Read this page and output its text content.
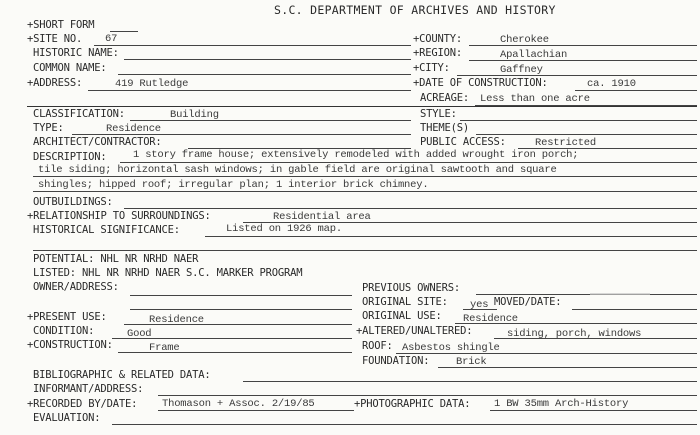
S.C. DEPARTMENT OF ARCHIVES AND HISTORY
+SHORT FORM
+SITE NO. 67
HISTORIC NAME:
COMMON NAME:
+ADDRESS:	419 Rutledge
+COUNTY:	Cherokee
+REGION:	Apallachian
+CITY:	Gaffney
+DATE OF CONSTRUCTION:	ca. 1910
ACREAGE: Less than one acre
CLASSIFICATION:	Building
TYPE:	Residence
ARCHITECT/CONTRACTOR:
STYLE:
THEME(S)
PUBLIC ACCESS:	Restricted
DESCRIPTION:	1 story frame house; extensively remodeled with added wrought iron porch;
tile siding; horizontal sash windows; in gable field are original sawtooth and square
shingles; hipped roof; irregular plan; 1 interior brick chimney.
OUTBUILDINGS:
+RELATIONSHIP TO SURROUNDINGS:	Residential area
HISTORICAL SIGNIFICANCE:	Listed on 1926 map.
POTENTIAL: NHL NR NRHD NAER
LISTED: NHL NR NRHD NAER S.C. MARKER PROGRAM
OWNER/ADDRESS:	PREVIOUS OWNERS:
ORIGINAL SITE: yes MOVED/DATE:
+PRESENT USE:	Residence	ORIGINAL USE: Residence
CONDITION:	Good	+ALTERED/UNALTERED:	siding, porch, windows
+CONSTRUCTION:	Frame	ROOF: Asbestos shingle
FOUNDATION:	Brick
BIBLIOGRAPHIC & RELATED DATA:
INFORMANT/ADDRESS:
+RECORDED BY/DATE: Thomason + Assoc. 2/19/85	+PHOTOGRAPHIC DATA: 1 BW 35mm Arch-History
EVALUATION:
